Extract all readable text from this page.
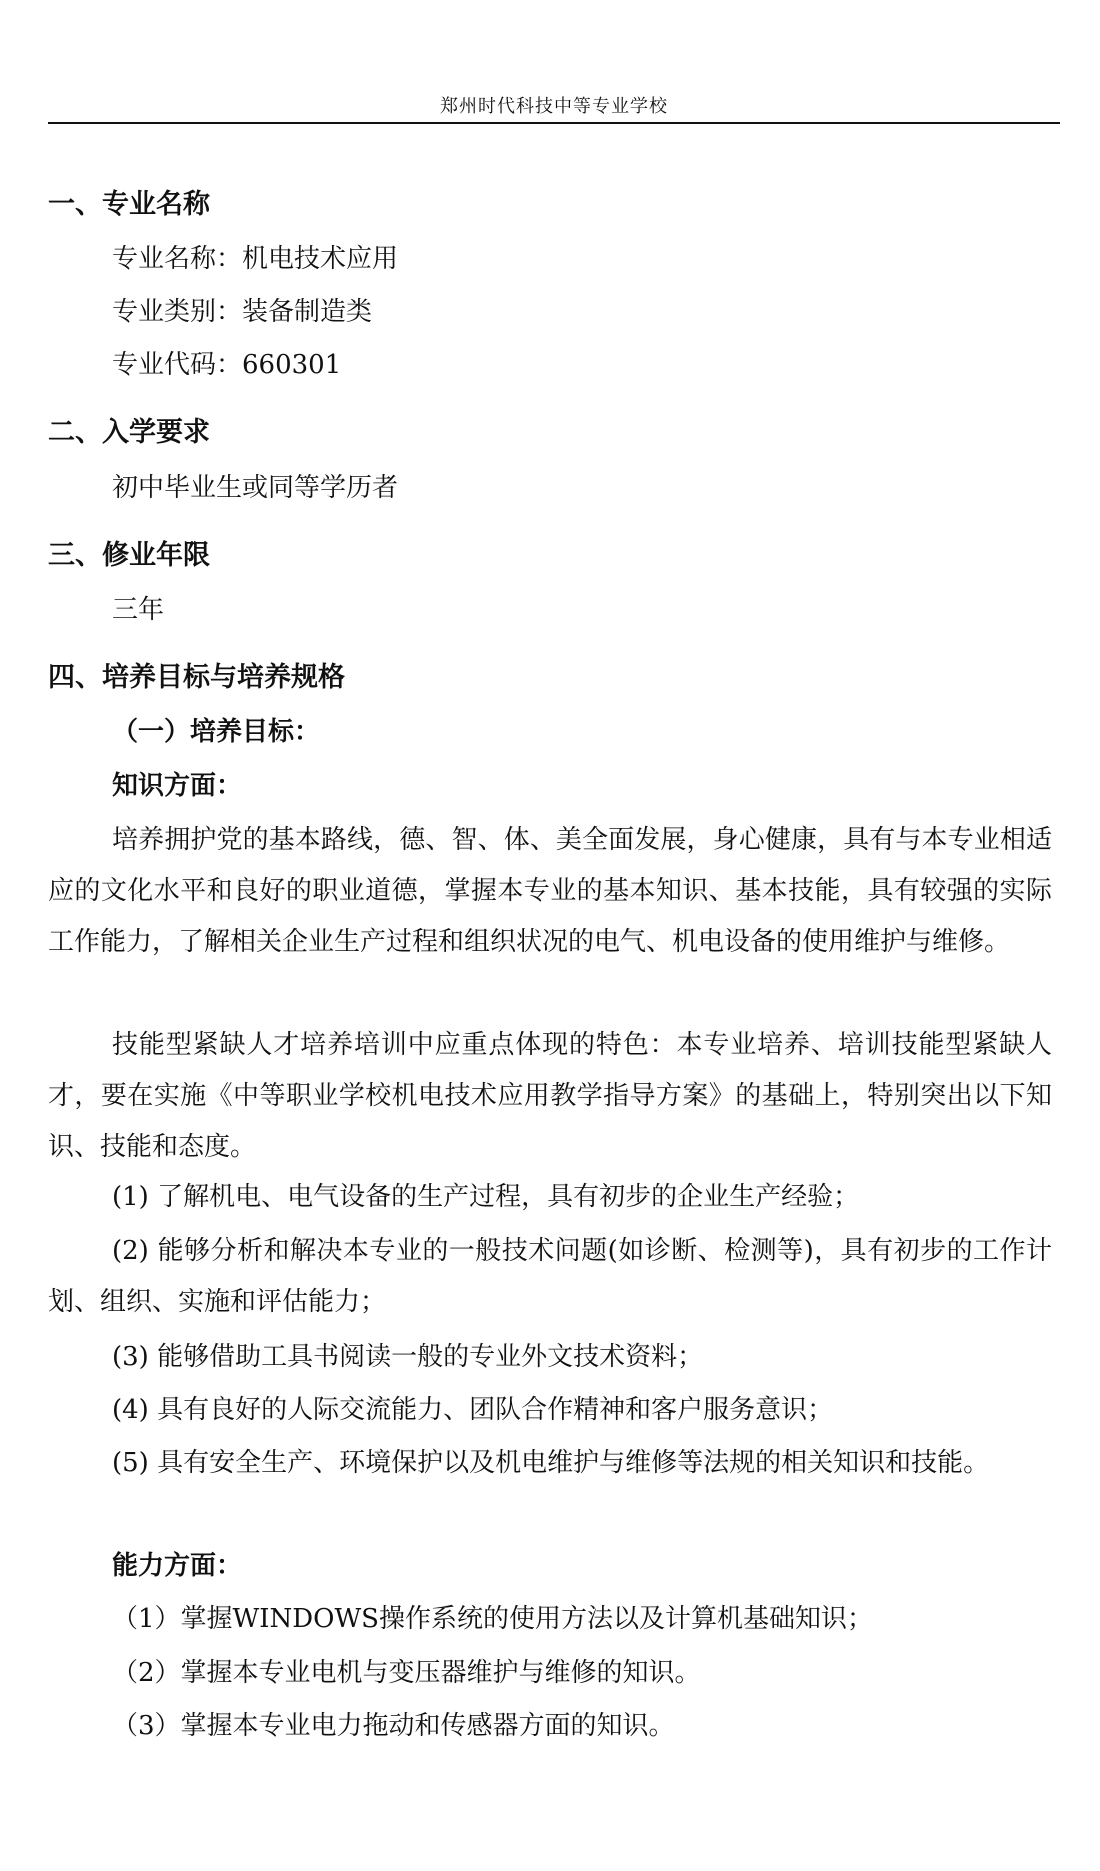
郑州时代科技中等专业学校
一、专业名称
专业名称：机电技术应用
专业类别：装备制造类
专业代码：660301
二、入学要求
初中毕业生或同等学历者
三、修业年限
三年
四、培养目标与培养规格
（一）培养目标：
知识方面：
培养拥护党的基本路线，德、智、体、美全面发展，身心健康，具有与本专业相适应的文化水平和良好的职业道德，掌握本专业的基本知识、基本技能，具有较强的实际工作能力，了解相关企业生产过程和组织状况的电气、机电设备的使用维护与维修。
技能型紧缺人才培养培训中应重点体现的特色：本专业培养、培训技能型紧缺人才，要在实施《中等职业学校机电技术应用教学指导方案》的基础上，特别突出以下知识、技能和态度。
(1) 了解机电、电气设备的生产过程，具有初步的企业生产经验；
(2) 能够分析和解决本专业的一般技术问题(如诊断、检测等)，具有初步的工作计划、组织、实施和评估能力；
(3) 能够借助工具书阅读一般的专业外文技术资料；
(4) 具有良好的人际交流能力、团队合作精神和客户服务意识；
(5) 具有安全生产、环境保护以及机电维护与维修等法规的相关知识和技能。
能力方面：
（1）掌握WINDOWS操作系统的使用方法以及计算机基础知识；
（2）掌握本专业电机与变压器维护与维修的知识。
（3）掌握本专业电力拖动和传感器方面的知识。
